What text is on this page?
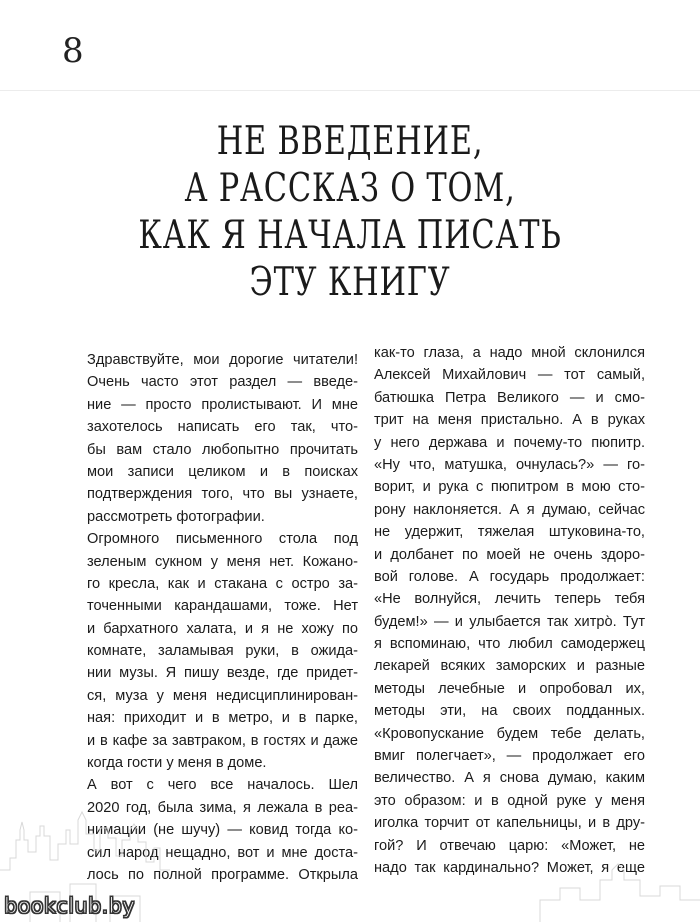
8
НЕ ВВЕДЕНИЕ,
А РАССКАЗ О ТОМ,
КАК Я НАЧАЛА ПИСАТЬ
ЭТУ КНИГУ
Здравствуйте, мои дорогие читатели!
Очень часто этот раздел — введе-
ние — просто пролистывают. И мне
захотелось написать его так, что-
бы вам стало любопытно прочитать
мои записи целиком и в поисках
подтверждения того, что вы узнаете,
рассмотреть фотографии.
Огромного письменного стола под
зеленым сукном у меня нет. Кожано-
го кресла, как и стакана с остро за-
точенными карандашами, тоже. Нет
и бархатного халата, и я не хожу по
комнате, заламывая руки, в ожида-
нии музы. Я пишу везде, где придет-
ся, муза у меня недисциплинирован-
ная: приходит и в метро, и в парке,
и в кафе за завтраком, в гостях и даже
когда гости у меня в доме.
А вот с чего все началось. Шел
2020 год, была зима, я лежала в реа-
нимации (не шучу) — ковид тогда ко-
сил народ нещадно, вот и мне доста-
лось по полной программе. Открыла
как-то глаза, а надо мной склонился
Алексей Михайлович — тот самый,
батюшка Петра Великого — и смо-
трит на меня пристально. А в руках
у него держава и почему-то пюпитр.
«Ну что, матушка, очнулась?» — го-
ворит, и рука с пюпитром в мою сто-
рону наклоняется. А я думаю, сейчас
не удержит, тяжелая штуковина-то,
и долбанет по моей не очень здоро-
вой голове. А государь продолжает:
«Не волнуйся, лечить теперь тебя
будем!» — и улыбается так хитро̀. Тут
я вспоминаю, что любил самодержец
лекарей всяких заморских и разные
методы лечебные и опробовал их,
методы эти, на своих подданных.
«Кровопускание будем тебе делать,
вмиг полегчает», — продолжает его
величество. А я снова думаю, каким
это образом: и в одной руке у меня
иголка торчит от капельницы, и в дру-
гой? И отвечаю царю: «Может, не
надо так кардинально? Может, я еще
bookclub.by
